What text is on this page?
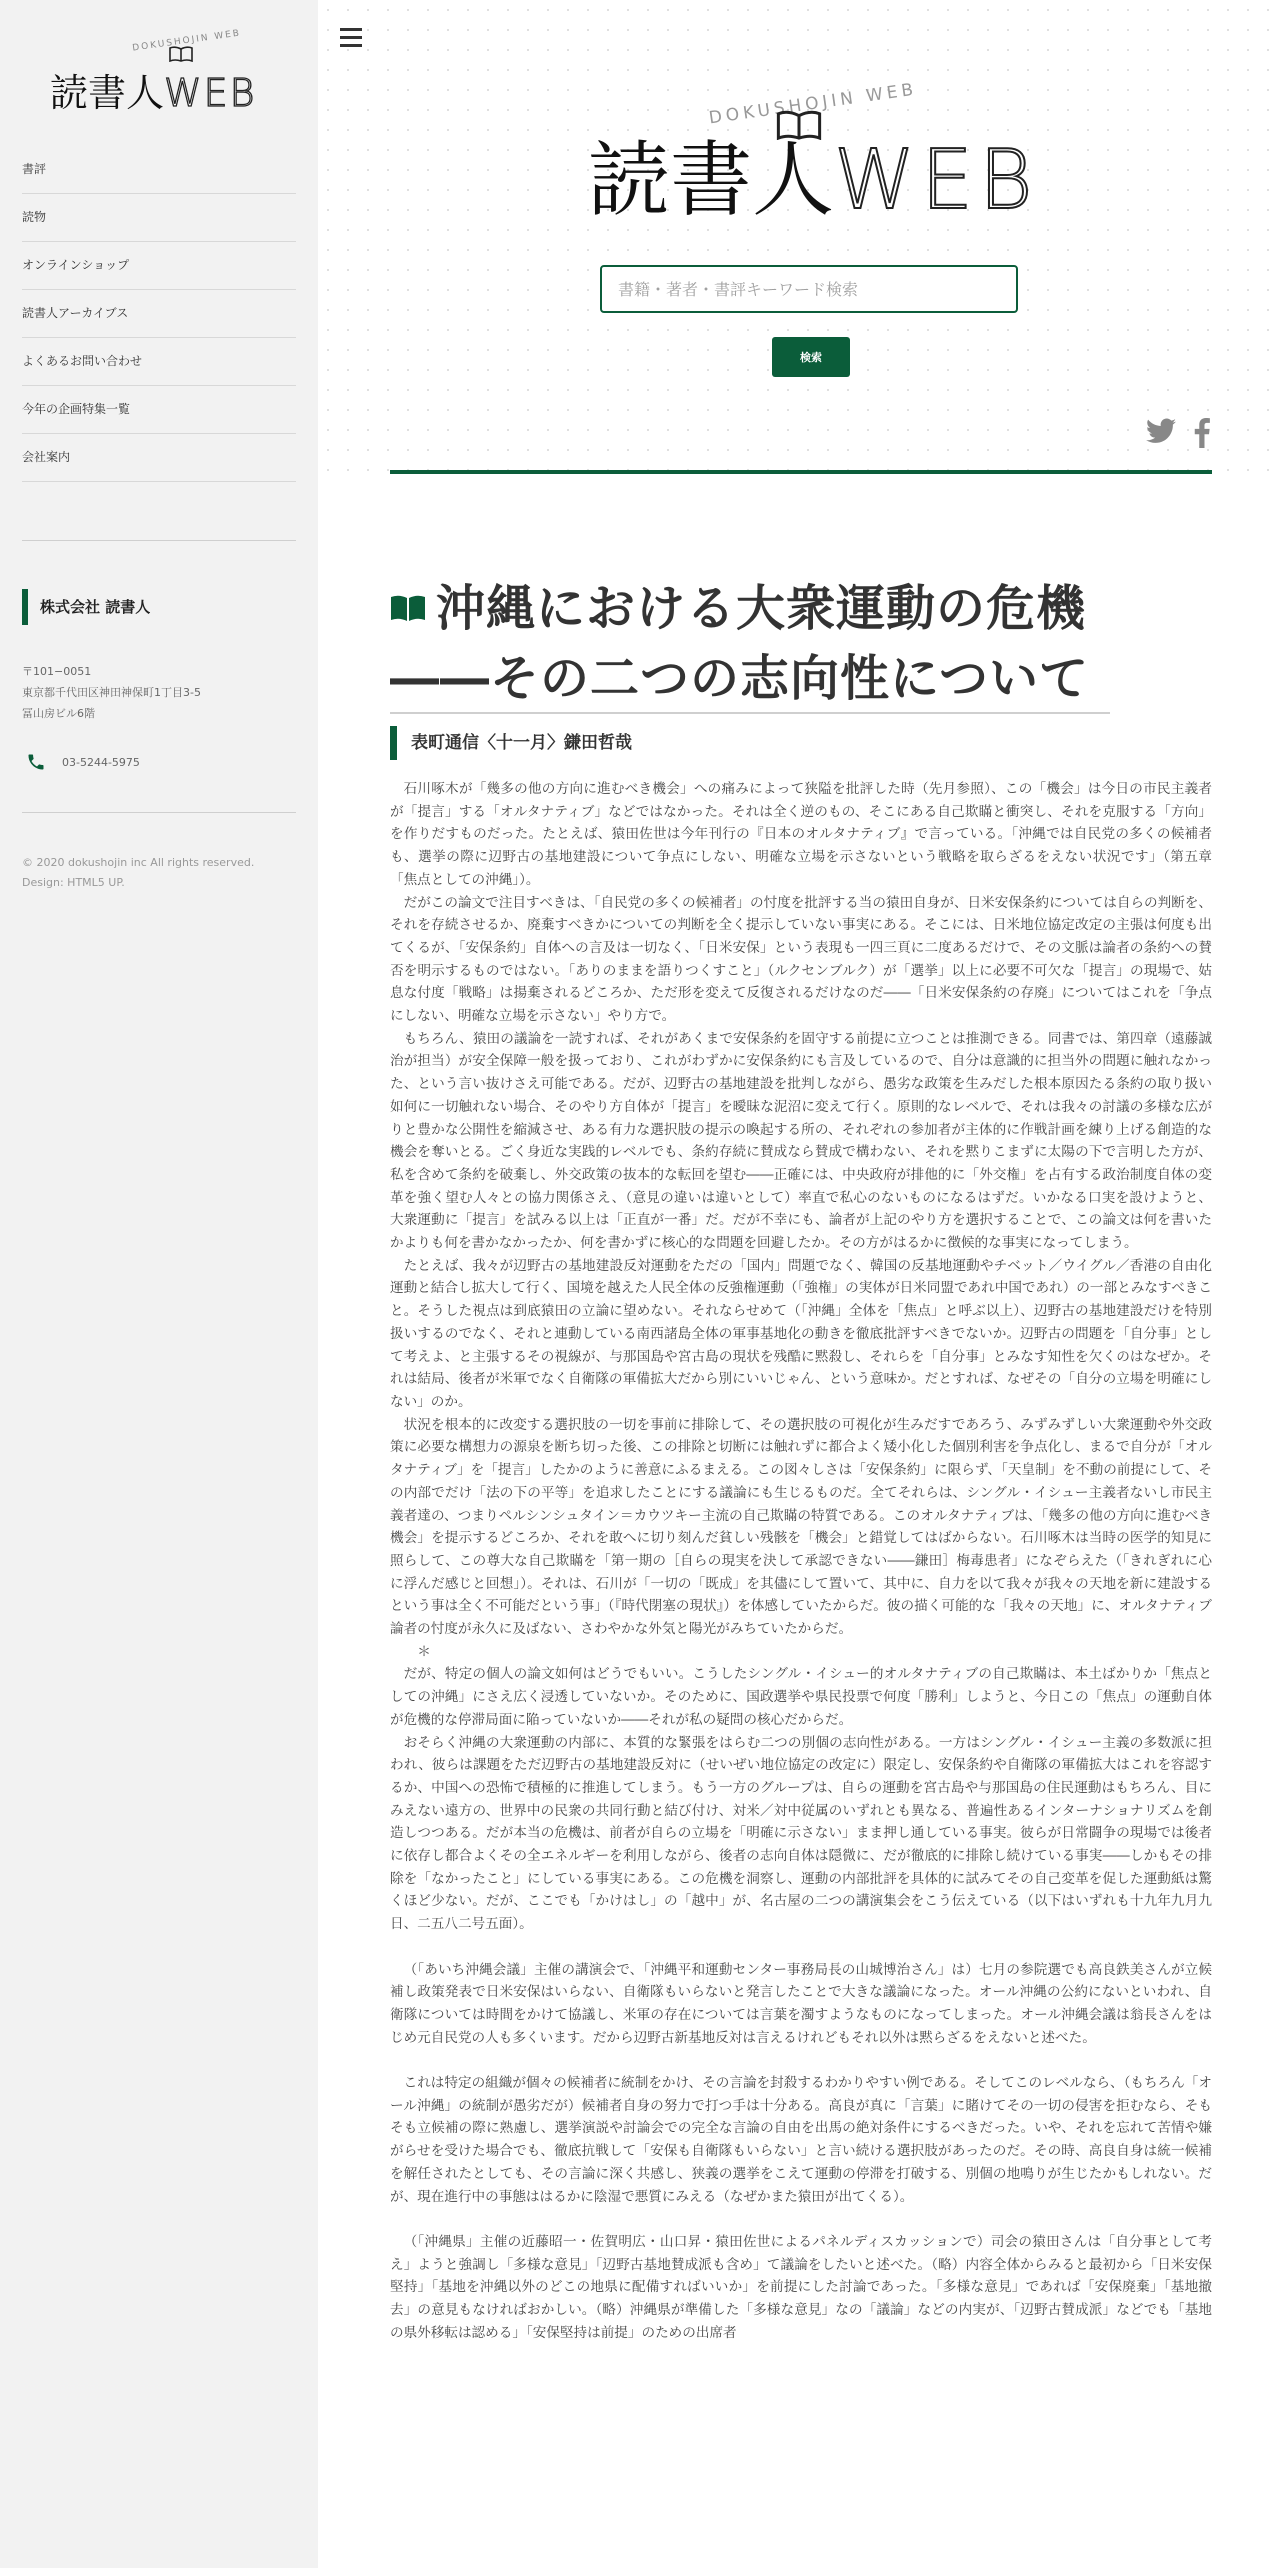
DOKUSHOJIN WEB
読書人WEB
書評
読物
オンラインショップ
読書人アーカイブス
よくあるお問い合わせ
今年の企画特集一覧
会社案内
株式会社 読書人
〒101−0051
東京都千代田区神田神保町1丁目3-5
冨山房ビル6階
03-5244-5975
© 2020 dokushojin inc All rights reserved.
Design: HTML5 UP.
DOKUSHOJIN WEB
読書人WEB
書籍・著者・書評キーワード検索
検索
沖縄における大衆運動の危機
――その二つの志向性について
表町通信〈十一月〉鎌田哲哉

石川啄木が「幾多の他の方向に進むべき機会」への痛みによって狭隘を批評した時（先月参照）、この「機会」は今日の市民主義者が「提言」する「オルタナティブ」などではなかった。それは全く逆のもの、そこにある自己欺瞞と衝突し、それを克服する「方向」を作りだすものだった。たとえば、猿田佐世は今年刊行の『日本のオルタナティブ』で言っている。「沖縄では自民党の多くの候補者も、選挙の際に辺野古の基地建設について争点にしない、明確な立場を示さないという戦略を取らざるをえない状況です」（第五章「焦点としての沖縄」）。

だがこの論文で注目すべきは、「自民党の多くの候補者」の忖度を批評する当の猿田自身が、日米安保条約については自らの判断を、それを存続させるか、廃棄すべきかについての判断を全く提示していない事実にある。そこには、日米地位協定改定の主張は何度も出てくるが、「安保条約」自体への言及は一切なく、「日米安保」という表現も一四三頁に二度あるだけで、その文脈は論者の条約への賛否を明示するものではない。「ありのままを語りつくすこと」（ルクセンブルク）が「選挙」以上に必要不可欠な「提言」の現場で、姑息な付度「戦略」は揚棄されるどころか、ただ形を変えて反復されるだけなのだ――「日米安保条約の存廃」についてはこれを「争点にしない、明確な立場を示さない」やり方で。

もちろん、猿田の議論を一読すれば、それがあくまで安保条約を固守する前提に立つことは推測できる。同書では、第四章（遠藤誠治が担当）が安全保障一般を扱っており、これがわずかに安保条約にも言及しているので、自分は意識的に担当外の問題に触れなかった、という言い抜けさえ可能である。だが、辺野古の基地建設を批判しながら、愚劣な政策を生みだした根本原因たる条約の取り扱い如何に一切触れない場合、そのやり方自体が「提言」を曖昧な泥沼に変えて行く。原則的なレベルで、それは我々の討議の多様な広がりと豊かな公開性を縮減させ、ある有力な選択肢の提示の喚起する所の、それぞれの参加者が主体的に作戦計画を練り上げる創造的な機会を奪いとる。ごく身近な実践的レベルでも、条約存続に賛成なら賛成で構わない、それを黙りこまずに太陽の下で言明した方が、私を含めて条約を破棄し、外交政策の抜本的な転回を望む――正確には、中央政府が排他的に「外交権」を占有する政治制度自体の変革を強く望む人々との協力関係さえ、（意見の違いは違いとして）率直で私心のないものになるはずだ。いかなる口実を設けようと、大衆運動に「提言」を試みる以上は「正直が一番」だ。だが不幸にも、論者が上記のやり方を選択することで、この論文は何を書いたかよりも何を書かなかったか、何を書かずに核心的な問題を回避したか。その方がはるかに徴候的な事実になってしまう。

たとえば、我々が辺野古の基地建設反対運動をただの「国内」問題でなく、韓国の反基地運動やチベット／ウイグル／香港の自由化運動と結合し拡大して行く、国境を越えた人民全体の反強権運動（「強権」の実体が日米同盟であれ中国であれ）の一部とみなすべきこと。そうした視点は到底猿田の立論に望めない。それならせめて（「沖縄」全体を「焦点」と呼ぶ以上）、辺野古の基地建設だけを特別扱いするのでなく、それと連動している南西諸島全体の軍事基地化の動きを徹底批評すべきでないか。辺野古の問題を「自分事」として考えよ、と主張するその視線が、与那国島や宮古島の現状を残酷に黙殺し、それらを「自分事」とみなす知性を欠くのはなぜか。それは結局、後者が米軍でなく自衛隊の軍備拡大だから別にいいじゃん、という意味か。だとすれば、なぜその「自分の立場を明確にしない」のか。

状況を根本的に改変する選択肢の一切を事前に排除して、その選択肢の可視化が生みだすであろう、みずみずしい大衆運動や外交政策に必要な構想力の源泉を断ち切った後、この排除と切断には触れずに都合よく矮小化した個別利害を争点化し、まるで自分が「オルタナティブ」を「提言」したかのように善意にふるまえる。この図々しさは「安保条約」に限らず、「天皇制」を不動の前提にして、その内部でだけ「法の下の平等」を追求したことにする議論にも生じるものだ。全てそれらは、シングル・イシュー主義者ないし市民主義者達の、つまりペルシンシュタイン＝カウツキー主流の自己欺瞞の特質である。このオルタナティブは、「幾多の他の方向に進むべき機会」を提示するどころか、それを敢へに切り刻んだ貧しい残骸を「機会」と錯覚してはばからない。石川啄木は当時の医学的知見に照らして、この尊大な自己欺瞞を「第一期の［自らの現実を決して承認できない――鎌田］梅毒患者」になぞらえた（「きれぎれに心に浮んだ感じと回想」）。それは、石川が「一切の「既成」を其儘にして置いて、其中に、自力を以て我々が我々の天地を新に建設するという事は全く不可能だという事」（『時代閉塞の現状』）を体感していたからだ。彼の描く可能的な「我々の天地」に、オルタナティブ論者の忖度が永久に及ばない、さわやかな外気と陽光がみちていたからだ。

＊

だが、特定の個人の論文如何はどうでもいい。こうしたシングル・イシュー的オルタナティブの自己欺瞞は、本土ばかりか「焦点としての沖縄」にさえ広く浸透していないか。そのために、国政選挙や県民投票で何度「勝利」しようと、今日この「焦点」の運動自体が危機的な停滞局面に陥っていないか――それが私の疑問の核心だからだ。

おそらく沖縄の大衆運動の内部に、本質的な緊張をはらむ二つの別個の志向性がある。一方はシングル・イシュー主義の多数派に担われ、彼らは課題をただ辺野古の基地建設反対に（せいぜい地位協定の改定に）限定し、安保条約や自衛隊の軍備拡大はこれを容認するか、中国への恐怖で積極的に推進してしまう。もう一方のグループは、自らの運動を宮古島や与那国島の住民運動はもちろん、目にみえない遠方の、世界中の民衆の共同行動と結び付け、対米／対中従属のいずれとも異なる、普遍性あるインターナショナリズムを創造しつつある。だが本当の危機は、前者が自らの立場を「明確に示さない」まま押し通している事実。彼らが日常闘争の現場では後者に依存し都合よくその全エネルギーを利用しながら、後者の志向自体は隠微に、だが徹底的に排除し続けている事実――しかもその排除を「なかったこと」にしている事実にある。この危機を洞察し、運動の内部批評を具体的に試みてその自己変革を促した運動紙は驚くほど少ない。だが、ここでも「かけはし」の「越中」が、名古屋の二つの講演集会をこう伝えている（以下はいずれも十九年九月九日、二五八二号五面）。

（「あいち沖縄会議」主催の講演会で、「沖縄平和運動センター事務局長の山城博治さん」は）七月の参院選でも高良鉄美さんが立候補し政策発表で日米安保はいらない、自衛隊もいらないと発言したことで大きな議論になった。オール沖縄の公約にないといわれ、自衛隊については時間をかけて協議し、米軍の存在については言葉を濁すようなものになってしまった。オール沖縄会議は翁長さんをはじめ元自民党の人も多くいます。だから辺野古新基地反対は言えるけれどもそれ以外は黙らざるをえないと述べた。

これは特定の組織が個々の候補者に統制をかけ、その言論を封殺するわかりやすい例である。そしてこのレベルなら、（もちろん「オール沖縄」の統制が愚劣だが）候補者自身の努力で打つ手は十分ある。高良が真に「言葉」に賭けてその一切の侵害を拒むなら、そもそも立候補の際に熟慮し、選挙演説や討論会での完全な言論の自由を出馬の絶対条件にするべきだった。いや、それを忘れて苦情や嫌がらせを受けた場合でも、徹底抗戦して「安保も自衛隊もいらない」と言い続ける選択肢があったのだ。その時、高良自身は統一候補を解任されたとしても、その言論に深く共感し、狭義の選挙をこえて運動の停滞を打破する、別個の地鳴りが生じたかもしれない。だが、現在進行中の事態ははるかに陰湿で悪質にみえる（なぜかまた猿田が出てくる）。

（「沖縄県」主催の近藤昭一・佐賀明広・山口昇・猿田佐世によるパネルディスカッションで）司会の猿田さんは「自分事として考え」ようと強調し「多様な意見」「辺野古基地賛成派も含め」て議論をしたいと述べた。（略）内容全体からみると最初から「日米安保堅持」「基地を沖縄以外のどこの地県に配備すればいいか」を前提にした討論であった。「多様な意見」であれば「安保廃棄」「基地撤去」の意見もなければおかしい。（略）沖縄県が準備した「多様な意見」なの「議論」などの内実が、「辺野古賛成派」などでも「基地の県外移転は認める」「安保堅持は前提」のための出席者
